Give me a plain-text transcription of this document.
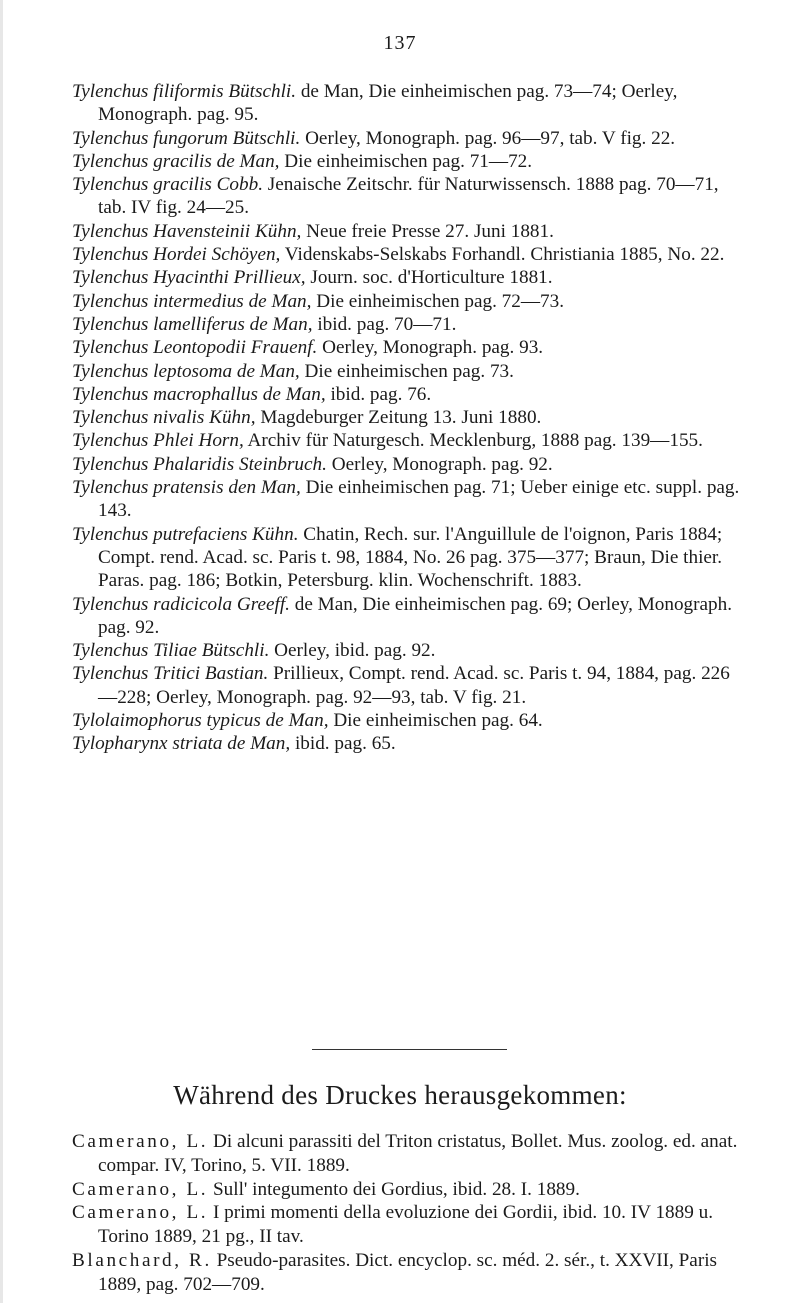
137

Tylenchus filiformis Bütschli. de Man, Die einheimischen pag. 73—74; Oerley, Monograph. pag. 95.

Tylenchus fungorum Bütschli. Oerley, Monograph. pag. 96—97, tab. V fig. 22.

Tylenchus gracilis de Man, Die einheimischen pag. 71—72.

Tylenchus gracilis Cobb. Jenaische Zeitschr. für Naturwissensch. 1888 pag. 70—71, tab. IV fig. 24—25.

Tylenchus Havensteinii Kühn, Neue freie Presse 27. Juni 1881.

Tylenchus Hordei Schöyen, Videnskabs-Selskabs Forhandl. Christiania 1885, No. 22.

Tylenchus Hyacinthi Prillieux, Journ. soc. d'Horticulture 1881.

Tylenchus intermedius de Man, Die einheimischen pag. 72—73.

Tylenchus lamelliferus de Man, ibid. pag. 70—71.

Tylenchus Leontopodii Frauenf. Oerley, Monograph. pag. 93.

Tylenchus leptosoma de Man, Die einheimischen pag. 73.

Tylenchus macrophallus de Man, ibid. pag. 76.

Tylenchus nivalis Kühn, Magdeburger Zeitung 13. Juni 1880.

Tylenchus Phlei Horn, Archiv für Naturgesch. Mecklenburg, 1888 pag. 139—155.

Tylenchus Phalaridis Steinbruch. Oerley, Monograph. pag. 92.

Tylenchus pratensis den Man, Die einheimischen pag. 71; Ueber einige etc. suppl. pag. 143.

Tylenchus putrefaciens Kühn. Chatin, Rech. sur. l'Anguillule de l'oignon, Paris 1884; Compt. rend. Acad. sc. Paris t. 98, 1884, No. 26 pag. 375—377; Braun, Die thier. Paras. pag. 186; Botkin, Petersburg. klin. Wochenschrift. 1883.

Tylenchus radicicola Greeff. de Man, Die einheimischen pag. 69; Oerley, Monograph. pag. 92.

Tylenchus Tiliae Bütschli. Oerley, ibid. pag. 92.

Tylenchus Tritici Bastian. Prillieux, Compt. rend. Acad. sc. Paris t. 94, 1884, pag. 226—228; Oerley, Monograph. pag. 92—93, tab. V fig. 21.

Tylolaimophorus typicus de Man, Die einheimischen pag. 64.

Tylopharynx striata de Man, ibid. pag. 65.

Während des Druckes herausgekommen:

Camerano, L. Di alcuni parassiti del Triton cristatus, Bollet. Mus. zoolog. ed. anat. compar. IV, Torino, 5. VII. 1889.

Camerano, L. Sull' integumento dei Gordius, ibid. 28. I. 1889.

Camerano, L. I primi momenti della evoluzione dei Gordii, ibid. 10. IV 1889 u. Torino 1889, 21 pg., II tav.

Blanchard, R. Pseudo-parasites. Dict. encyclop. sc. méd. 2. sér., t. XXVII, Paris 1889, pag. 702—709.
